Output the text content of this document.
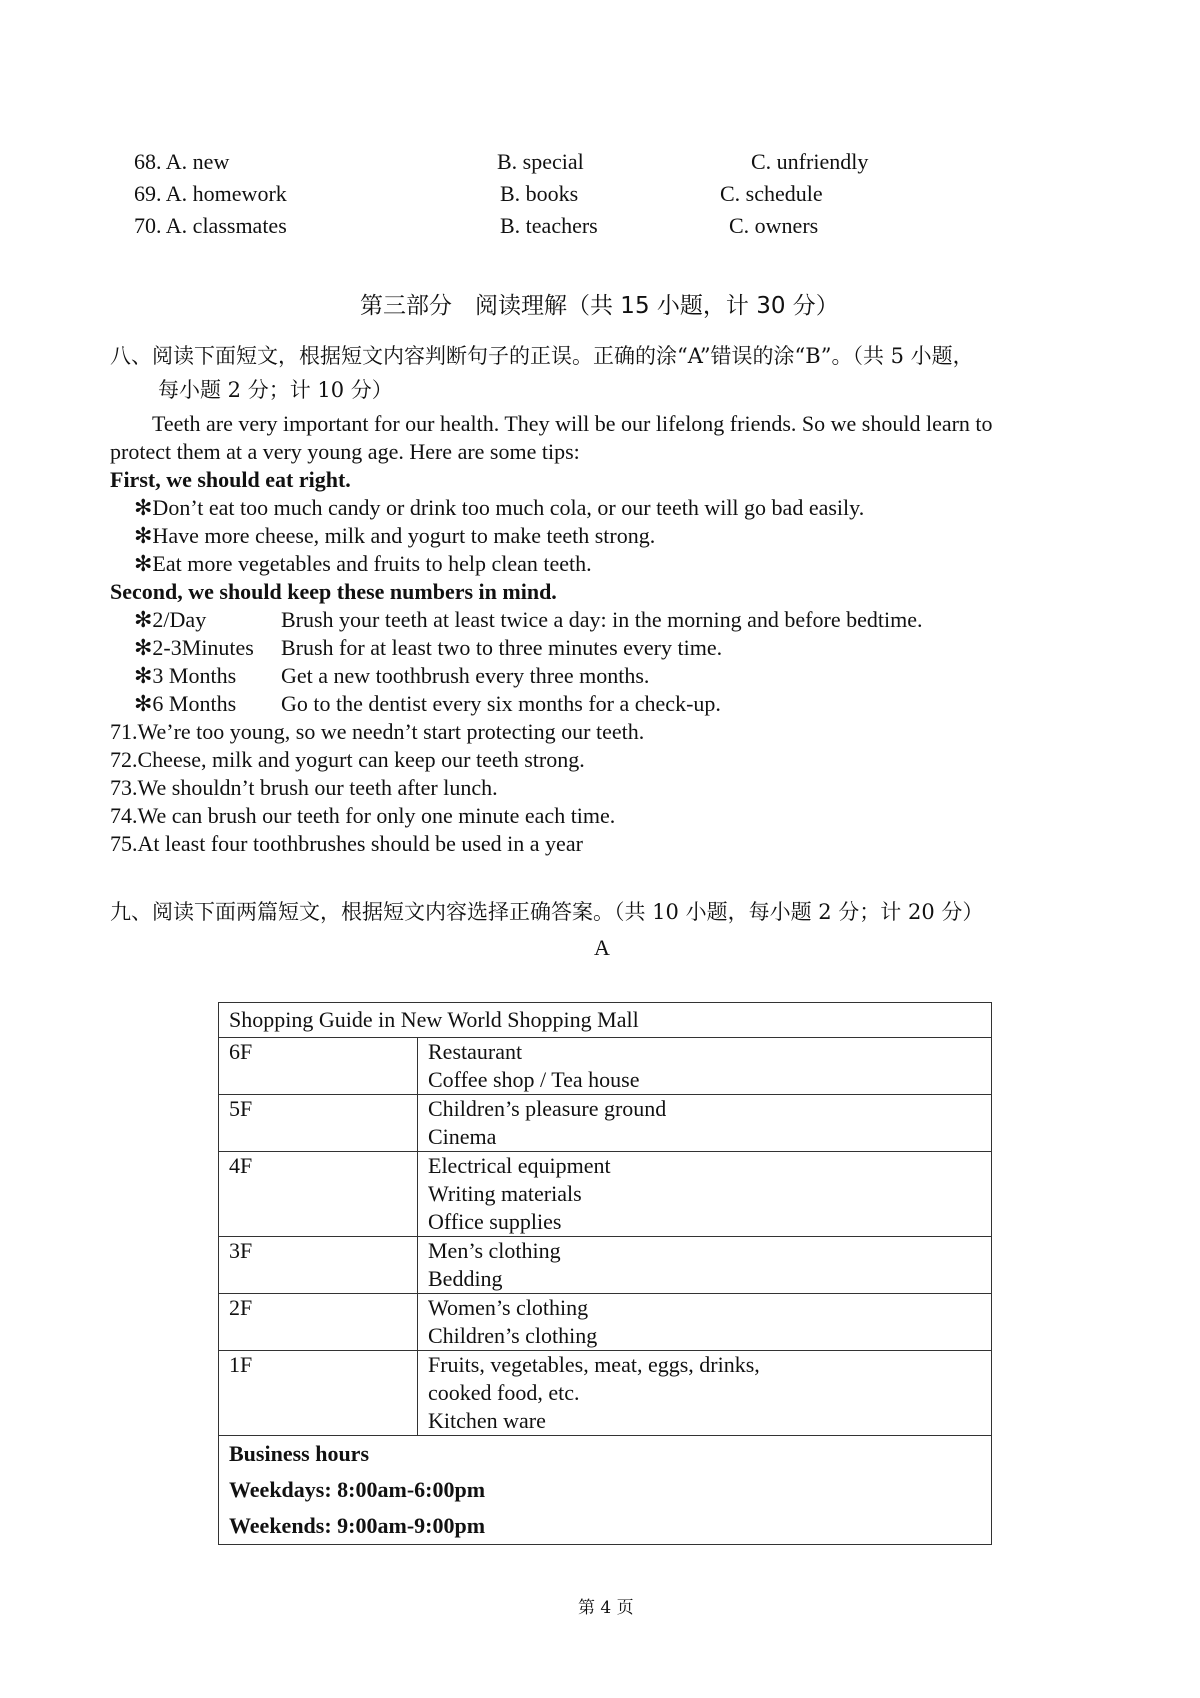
68. A. new	B. special	C. unfriendly
69. A. homework	B. books	C. schedule
70. A. classmates	B. teachers	C. owners
第三部分　阅读理解（共 15 小题，计 30 分）
八、阅读下面短文，根据短文内容判断句子的正误。正确的涂“A”错误的涂“B”。（共 5 小题，
每小题 2 分；计 10 分）
Teeth are very important for our health. They will be our lifelong friends. So we should learn to
protect them at a very young age. Here are some tips:
First, we should eat right.
✻Don’t eat too much candy or drink too much cola, or our teeth will go bad easily.
✻Have more cheese, milk and yogurt to make teeth strong.
✻Eat more vegetables and fruits to help clean teeth.
Second, we should keep these numbers in mind.
✻2/Day	Brush your teeth at least twice a day: in the morning and before bedtime.
✻2-3Minutes Brush for at least two to three minutes every time.
✻3 Months Get a new toothbrush every three months.
✻6 Months Go to the dentist every six months for a check-up.
71.We’re too young, so we needn’t start protecting our teeth.
72.Cheese, milk and yogurt can keep our teeth strong.
73.We shouldn’t brush our teeth after lunch.
74.We can brush our teeth for only one minute each time.
75.At least four toothbrushes should be used in a year
九、阅读下面两篇短文，根据短文内容选择正确答案。（共 10 小题，每小题 2 分；计 20 分）
A
Shopping Guide in New World Shopping Mall	
6F	Restaurant
Coffee shop / Tea house

5F	Children’s pleasure ground
Cinema

4F	Electrical equipment
Writing materials
Office supplies

3F	Men’s clothing
Bedding

2F	Women’s clothing
Children’s clothing

1F	Fruits, vegetables, meat, eggs, drinks,
cooked food, etc.
Kitchen ware

Business hours
Weekdays: 8:00am-6:00pm
Weekends: 9:00am-9:00pm	
第 4 页
